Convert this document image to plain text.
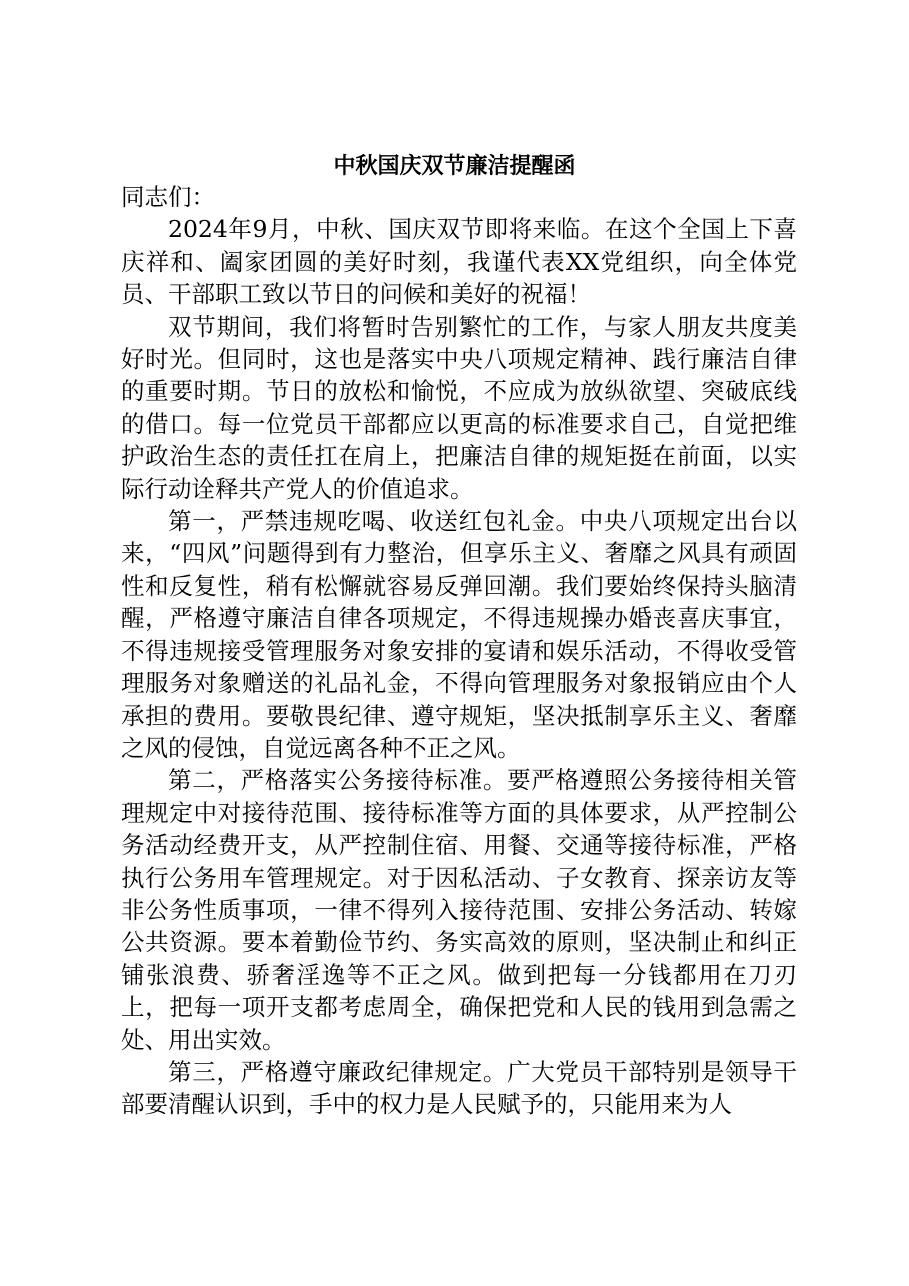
中秋国庆双节廉洁提醒函

同志们：

2024年9月，中秋、国庆双节即将来临。在这个全国上下喜庆祥和、阖家团圆的美好时刻，我谨代表XX党组织，向全体党员、干部职工致以节日的问候和美好的祝福！

双节期间，我们将暂时告别繁忙的工作，与家人朋友共度美好时光。但同时，这也是落实中央八项规定精神、践行廉洁自律的重要时期。节日的放松和愉悦，不应成为放纵欲望、突破底线的借口。每一位党员干部都应以更高的标准要求自己，自觉把维护政治生态的责任扛在肩上，把廉洁自律的规矩挺在前面，以实际行动诠释共产党人的价值追求。

第一，严禁违规吃喝、收送红包礼金。中央八项规定出台以来，“四风”问题得到有力整治，但享乐主义、奢靡之风具有顽固性和反复性，稍有松懈就容易反弹回潮。我们要始终保持头脑清醒，严格遵守廉洁自律各项规定，不得违规操办婚丧喜庆事宜，不得违规接受管理服务对象安排的宴请和娱乐活动，不得收受管理服务对象赠送的礼品礼金，不得向管理服务对象报销应由个人承担的费用。要敬畏纪律、遵守规矩，坚决抵制享乐主义、奢靡之风的侵蚀，自觉远离各种不正之风。

第二，严格落实公务接待标准。要严格遵照公务接待相关管理规定中对接待范围、接待标准等方面的具体要求，从严控制公务活动经费开支，从严控制住宿、用餐、交通等接待标准，严格执行公务用车管理规定。对于因私活动、子女教育、探亲访友等非公务性质事项，一律不得列入接待范围、安排公务活动、转嫁公共资源。要本着勤俭节约、务实高效的原则，坚决制止和纠正铺张浪费、骄奢淫逸等不正之风。做到把每一分钱都用在刀刃上，把每一项开支都考虑周全，确保把党和人民的钱用到急需之处、用出实效。

第三，严格遵守廉政纪律规定。广大党员干部特别是领导干部要清醒认识到，手中的权力是人民赋予的，只能用来为人
